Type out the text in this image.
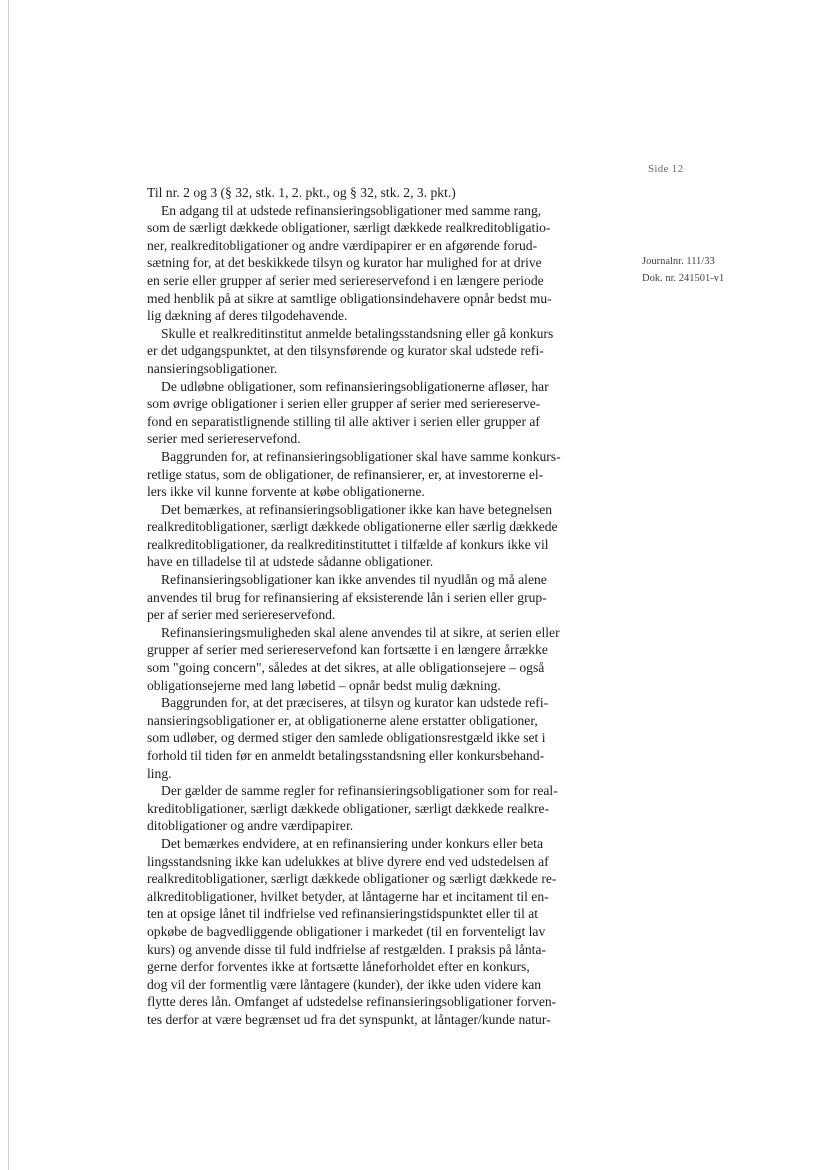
Side 12
Journalnr. 111/33
Dok. nr. 241501-v1
Til nr. 2 og 3 (§ 32, stk. 1, 2. pkt., og § 32, stk. 2, 3. pkt.)
En adgang til at udstede refinansieringsobligationer med samme rang,
som de særligt dækkede obligationer, særligt dækkede realkreditobligatio-
ner, realkreditobligationer og andre værdipapirer er en afgørende forud-
sætning for, at det beskikkede tilsyn og kurator har mulighed for at drive
en serie eller grupper af serier med seriereservefond i en længere periode
med henblik på at sikre at samtlige obligationsindehavere opnår bedst mu-
lig dækning af deres tilgodehavende.
Skulle et realkreditinstitut anmelde betalingsstandsning eller gå konkurs
er det udgangspunktet, at den tilsynsførende og kurator skal udstede refi-
nansieringsobligationer.
De udløbne obligationer, som refinansieringsobligationerne afløser, har
som øvrige obligationer i serien eller grupper af serier med seriereserve-
fond en separatistlignende stilling til alle aktiver i serien eller grupper af
serier med seriereservefond.
Baggrunden for, at refinansieringsobligationer skal have samme konkurs-
retlige status, som de obligationer, de refinansierer, er, at investorerne el-
lers ikke vil kunne forvente at købe obligationerne.
Det bemærkes, at refinansieringsobligationer ikke kan have betegnelsen
realkreditobligationer, særligt dækkede obligationerne eller særlig dækkede
realkreditobligationer, da realkreditinstituttet i tilfælde af konkurs ikke vil
have en tilladelse til at udstede sådanne obligationer.
Refinansieringsobligationer kan ikke anvendes til nyudlån og må alene
anvendes til brug for refinansiering af eksisterende lån i serien eller grup-
per af serier med seriereservefond.
Refinansieringsmuligheden skal alene anvendes til at sikre, at serien eller
grupper af serier med seriereservefond kan fortsætte i en længere årrække
som "going concern", således at det sikres, at alle obligationsejere – også
obligationsejerne med lang løbetid – opnår bedst mulig dækning.
Baggrunden for, at det præciseres, at tilsyn og kurator kan udstede refi-
nansieringsobligationer er, at obligationerne alene erstatter obligationer,
som udløber, og dermed stiger den samlede obligationsrestgæld ikke set i
forhold til tiden før en anmeldt betalingsstandsning eller konkursbehand-
ling.
Der gælder de samme regler for refinansieringsobligationer som for real-
kreditobligationer, særligt dækkede obligationer, særligt dækkede realkre-
ditobligationer og andre værdipapirer.
Det bemærkes endvidere, at en refinansiering under konkurs eller beta
lingsstandsning ikke kan udelukkes at blive dyrere end ved udstedelsen af
realkreditobligationer, særligt dækkede obligationer og særligt dækkede re-
alkreditobligationer, hvilket betyder, at låntagerne har et incitament til en-
ten at opsige lånet til indfrielse ved refinansieringstidspunktet eller til at
opkøbe de bagvedliggende obligationer i markedet (til en forventeligt lav
kurs) og anvende disse til fuld indfrielse af restgælden. I praksis på lånta-
gerne derfor forventes ikke at fortsætte låneforholdet efter en konkurs,
dog vil der formentlig være låntagere (kunder), der ikke uden videre kan
flytte deres lån. Omfanget af udstedelse refinansieringsobligationer forven-
tes derfor at være begrænset ud fra det synspunkt, at låntager/kunde natur-
